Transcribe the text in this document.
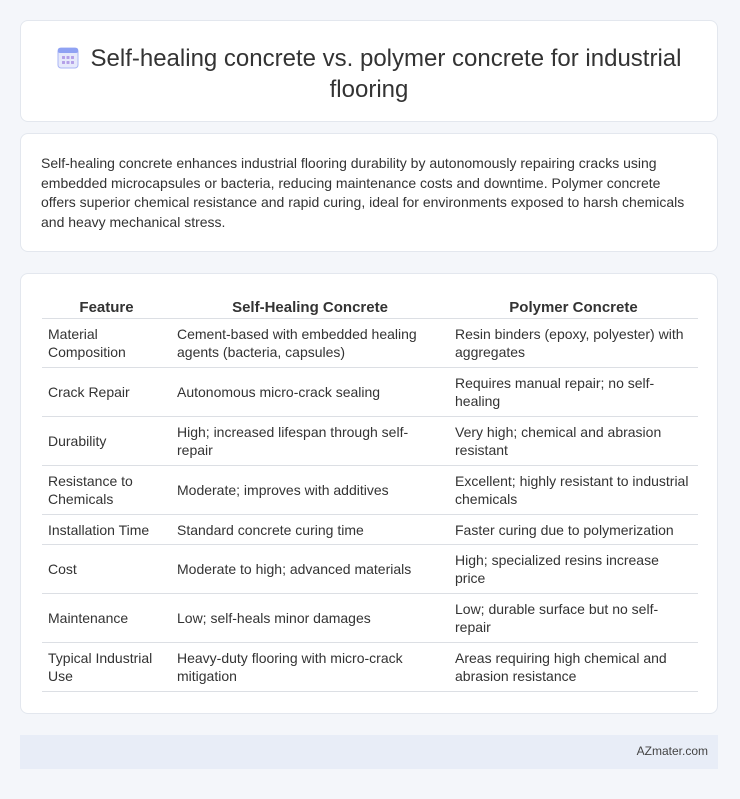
Self-healing concrete vs. polymer concrete for industrial flooring

Self-healing concrete enhances industrial flooring durability by autonomously repairing cracks using embedded microcapsules or bacteria, reducing maintenance costs and downtime. Polymer concrete offers superior chemical resistance and rapid curing, ideal for environments exposed to harsh chemicals and heavy mechanical stress.

Feature	Self-Healing Concrete	Polymer Concrete
Material Composition	Cement-based with embedded healing agents (bacteria, capsules)	Resin binders (epoxy, polyester) with aggregates
Crack Repair	Autonomous micro-crack sealing	Requires manual repair; no self-healing
Durability	High; increased lifespan through self-repair	Very high; chemical and abrasion resistant
Resistance to Chemicals	Moderate; improves with additives	Excellent; highly resistant to industrial chemicals
Installation Time	Standard concrete curing time	Faster curing due to polymerization
Cost	Moderate to high; advanced materials	High; specialized resins increase price
Maintenance	Low; self-heals minor damages	Low; durable surface but no self-repair
Typical Industrial Use	Heavy-duty flooring with micro-crack mitigation	Areas requiring high chemical and abrasion resistance
AZmater.com
